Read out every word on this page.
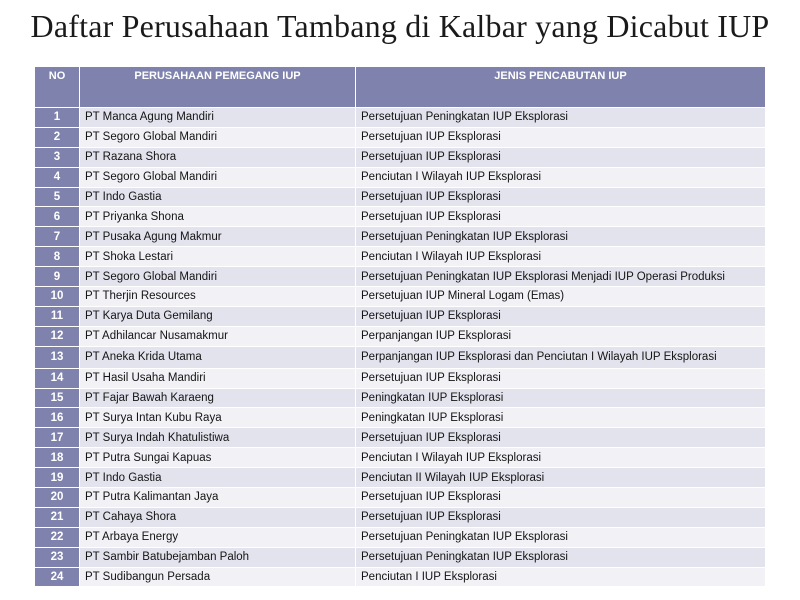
Daftar Perusahaan Tambang di Kalbar yang Dicabut IUP
NO	PERUSAHAAN PEMEGANG IUP	JENIS PENCABUTAN IUP
1	PT Manca Agung Mandiri	Persetujuan Peningkatan IUP Eksplorasi
2	PT Segoro Global Mandiri	Persetujuan IUP Eksplorasi
3	PT Razana Shora	Persetujuan IUP Eksplorasi
4	PT Segoro Global Mandiri	Penciutan I Wilayah IUP Eksplorasi
5	PT Indo Gastia	Persetujuan IUP Eksplorasi
6	PT Priyanka Shona	Persetujuan IUP Eksplorasi
7	PT Pusaka Agung Makmur	Persetujuan Peningkatan IUP Eksplorasi
8	PT Shoka Lestari	Penciutan I Wilayah IUP Eksplorasi
9	PT Segoro Global Mandiri	Persetujuan Peningkatan IUP Eksplorasi Menjadi IUP Operasi Produksi
10	PT Therjin Resources	Persetujuan IUP Mineral Logam (Emas)
11	PT Karya Duta Gemilang	Persetujuan IUP Eksplorasi
12	PT Adhilancar Nusamakmur	Perpanjangan IUP Eksplorasi
13	PT Aneka Krida Utama	Perpanjangan IUP Eksplorasi dan Penciutan I Wilayah IUP Eksplorasi
14	PT Hasil Usaha Mandiri	Persetujuan IUP Eksplorasi
15	PT Fajar Bawah Karaeng	Peningkatan IUP Eksplorasi
16	PT Surya Intan Kubu Raya	Peningkatan IUP Eksplorasi
17	PT Surya Indah Khatulistiwa	Persetujuan IUP Eksplorasi
18	PT Putra Sungai Kapuas	Penciutan I Wilayah IUP Eksplorasi
19	PT Indo Gastia	Penciutan II Wilayah IUP Eksplorasi
20	PT Putra Kalimantan Jaya	Persetujuan IUP Eksplorasi
21	PT Cahaya Shora	Persetujuan IUP Eksplorasi
22	PT Arbaya Energy	Persetujuan Peningkatan IUP Eksplorasi
23	PT Sambir Batubejamban Paloh	Persetujuan Peningkatan IUP Eksplorasi
24	PT Sudibangun Persada	Penciutan I IUP Eksplorasi
